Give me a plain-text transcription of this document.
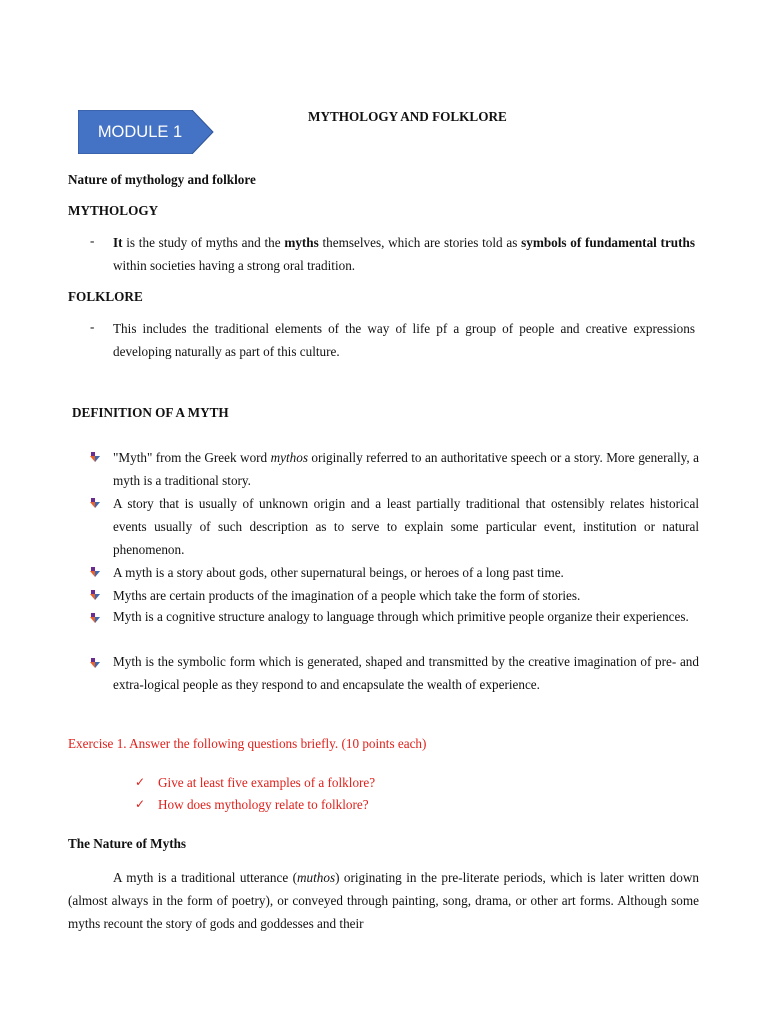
MODULE 1
MYTHOLOGY AND FOLKLORE
Nature of mythology and folklore
MYTHOLOGY
- It is the study of myths and the myths themselves, which are stories told as symbols of fundamental truths within societies having a strong oral tradition.
FOLKLORE
- This includes the traditional elements of the way of life pf a group of people and creative expressions developing naturally as part of this culture.
DEFINITION OF A MYTH
"Myth" from the Greek word mythos originally referred to an authoritative speech or a story. More generally, a myth is a traditional story.
A story that is usually of unknown origin and a least partially traditional that ostensibly relates historical events usually of such description as to serve to explain some particular event, institution or natural phenomenon.
A myth is a story about gods, other supernatural beings, or heroes of a long past time.
Myths are certain products of the imagination of a people which take the form of stories.
Myth is a cognitive structure analogy to language through which primitive people organize their experiences.
Myth is the symbolic form which is generated, shaped and transmitted by the creative imagination of pre- and extra-logical people as they respond to and encapsulate the wealth of experience.
Exercise 1. Answer the following questions briefly. (10 points each)
✓ Give at least five examples of a folklore?
✓ How does mythology relate to folklore?
The Nature of Myths
A myth is a traditional utterance (muthos) originating in the pre-literate periods, which is later written down (almost always in the form of poetry), or conveyed through painting, song, drama, or other art forms. Although some myths recount the story of gods and goddesses and their
